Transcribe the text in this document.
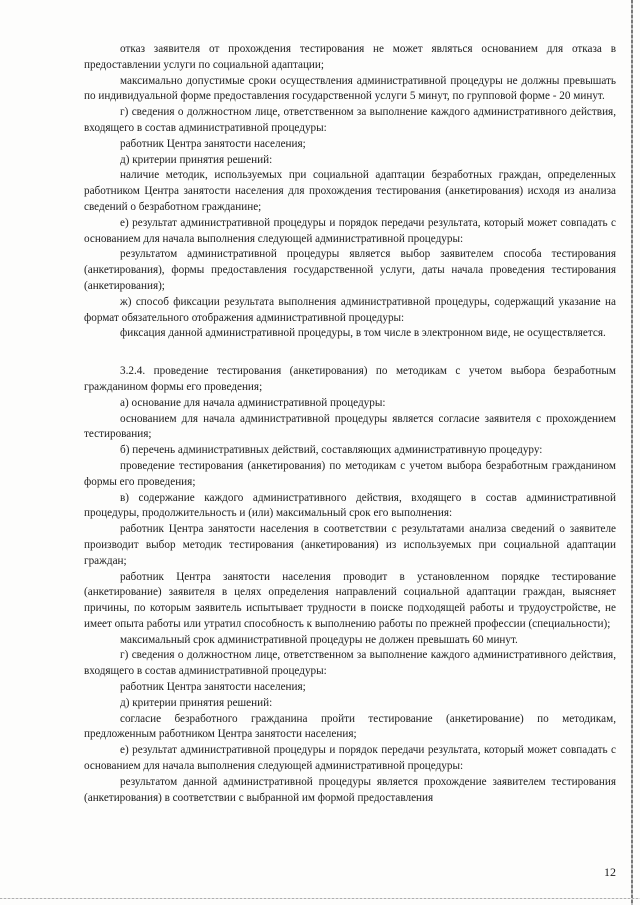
отказ заявителя от прохождения тестирования не может являться основанием для отказа в предоставлении услуги по социальной адаптации;

максимально допустимые сроки осуществления административной процедуры не должны превышать по индивидуальной форме предоставления государственной услуги 5 минут, по групповой форме - 20 минут.

г) сведения о должностном лице, ответственном за выполнение каждого административного действия, входящего в состав административной процедуры:

работник Центра занятости населения;

д) критерии принятия решений:

наличие методик, используемых при социальной адаптации безработных граждан, определенных работником Центра занятости населения для прохождения тестирования (анкетирования) исходя из анализа сведений о безработном гражданине;

е) результат административной процедуры и порядок передачи результата, который может совпадать с основанием для начала выполнения следующей административной процедуры:

результатом административной процедуры является выбор заявителем способа тестирования (анкетирования), формы предоставления государственной услуги, даты начала проведения тестирования (анкетирования);

ж) способ фиксации результата выполнения административной процедуры, содержащий указание на формат обязательного отображения административной процедуры:

фиксация данной административной процедуры, в том числе в электронном виде, не осуществляется.

3.2.4. проведение тестирования (анкетирования) по методикам с учетом выбора безработным гражданином формы его проведения;

а) основание для начала административной процедуры:

основанием для начала административной процедуры является согласие заявителя с прохождением тестирования;

б) перечень административных действий, составляющих административную процедуру:

проведение тестирования (анкетирования) по методикам с учетом выбора безработным гражданином формы его проведения;

в) содержание каждого административного действия, входящего в состав административной процедуры, продолжительность и (или) максимальный срок его выполнения:

работник Центра занятости населения в соответствии с результатами анализа сведений о заявителе производит выбор методик тестирования (анкетирования) из используемых при социальной адаптации граждан;

работник Центра занятости населения проводит в установленном порядке тестирование (анкетирование) заявителя в целях определения направлений социальной адаптации граждан, выясняет причины, по которым заявитель испытывает трудности в поиске подходящей работы и трудоустройстве, не имеет опыта работы или утратил способность к выполнению работы по прежней профессии (специальности);

максимальный срок административной процедуры не должен превышать 60 минут.

г) сведения о должностном лице, ответственном за выполнение каждого административного действия, входящего в состав административной процедуры:

работник Центра занятости населения;

д) критерии принятия решений:

согласие безработного гражданина пройти тестирование (анкетирование) по методикам, предложенным работником Центра занятости населения;

е) результат административной процедуры и порядок передачи результата, который может совпадать с основанием для начала выполнения следующей административной процедуры:

результатом данной административной процедуры является прохождение заявителем тестирования (анкетирования) в соответствии с выбранной им формой предоставления

12
